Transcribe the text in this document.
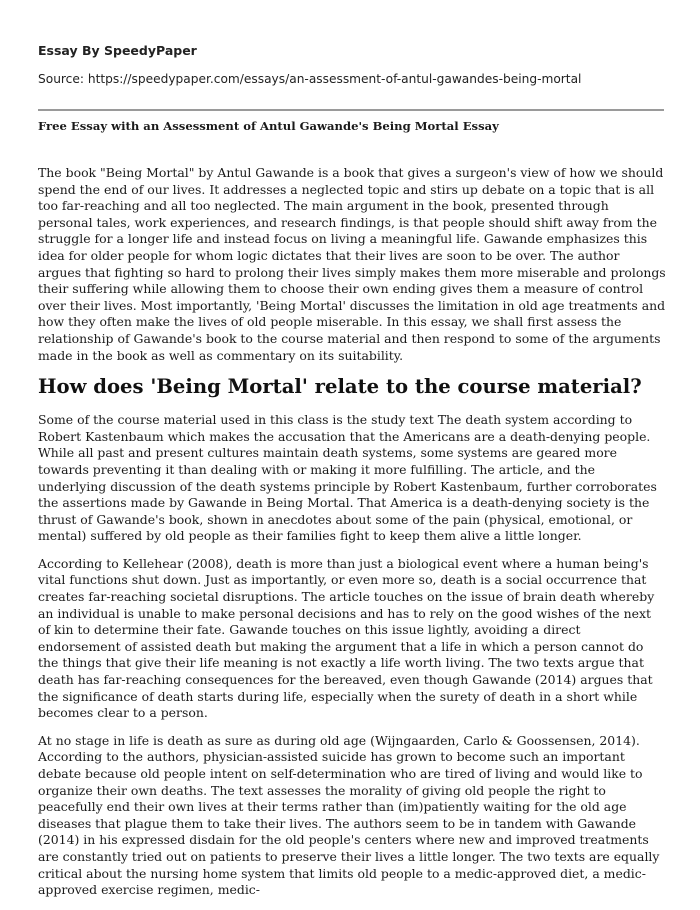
Essay By SpeedyPaper

Source: https://speedypaper.com/essays/an-assessment-of-antul-gawandes-being-mortal

Free Essay with an Assessment of Antul Gawande's Being Mortal Essay

The book "Being Mortal" by Antul Gawande is a book that gives a surgeon's view of how we should spend the end of our lives. It addresses a neglected topic and stirs up debate on a topic that is all too far-reaching and all too neglected. The main argument in the book, presented through personal tales, work experiences, and research findings, is that people should shift away from the struggle for a longer life and instead focus on living a meaningful life. Gawande emphasizes this idea for older people for whom logic dictates that their lives are soon to be over. The author argues that fighting so hard to prolong their lives simply makes them more miserable and prolongs their suffering while allowing them to choose their own ending gives them a measure of control over their lives. Most importantly, 'Being Mortal' discusses the limitation in old age treatments and how they often make the lives of old people miserable. In this essay, we shall first assess the relationship of Gawande's book to the course material and then respond to some of the arguments made in the book as well as commentary on its suitability.

How does 'Being Mortal' relate to the course material?

Some of the course material used in this class is the study text The death system according to Robert Kastenbaum which makes the accusation that the Americans are a death-denying people. While all past and present cultures maintain death systems, some systems are geared more towards preventing it than dealing with or making it more fulfilling. The article, and the underlying discussion of the death systems principle by Robert Kastenbaum, further corroborates the assertions made by Gawande in Being Mortal. That America is a death-denying society is the thrust of Gawande's book, shown in anecdotes about some of the pain (physical, emotional, or mental) suffered by old people as their families fight to keep them alive a little longer.

According to Kellehear (2008), death is more than just a biological event where a human being's vital functions shut down. Just as importantly, or even more so, death is a social occurrence that creates far-reaching societal disruptions. The article touches on the issue of brain death whereby an individual is unable to make personal decisions and has to rely on the good wishes of the next of kin to determine their fate. Gawande touches on this issue lightly, avoiding a direct endorsement of assisted death but making the argument that a life in which a person cannot do the things that give their life meaning is not exactly a life worth living. The two texts argue that death has far-reaching consequences for the bereaved, even though Gawande (2014) argues that the significance of death starts during life, especially when the surety of death in a short while becomes clear to a person.

At no stage in life is death as sure as during old age (Wijngaarden, Carlo & Goossensen, 2014). According to the authors, physician-assisted suicide has grown to become such an important debate because old people intent on self-determination who are tired of living and would like to organize their own deaths. The text assesses the morality of giving old people the right to peacefully end their own lives at their terms rather than (im)patiently waiting for the old age diseases that plague them to take their lives. The authors seem to be in tandem with Gawande (2014) in his expressed disdain for the old people's centers where new and improved treatments are constantly tried out on patients to preserve their lives a little longer. The two texts are equally critical about the nursing home system that limits old people to a medic-approved diet, a medic-approved exercise regimen, medic-
